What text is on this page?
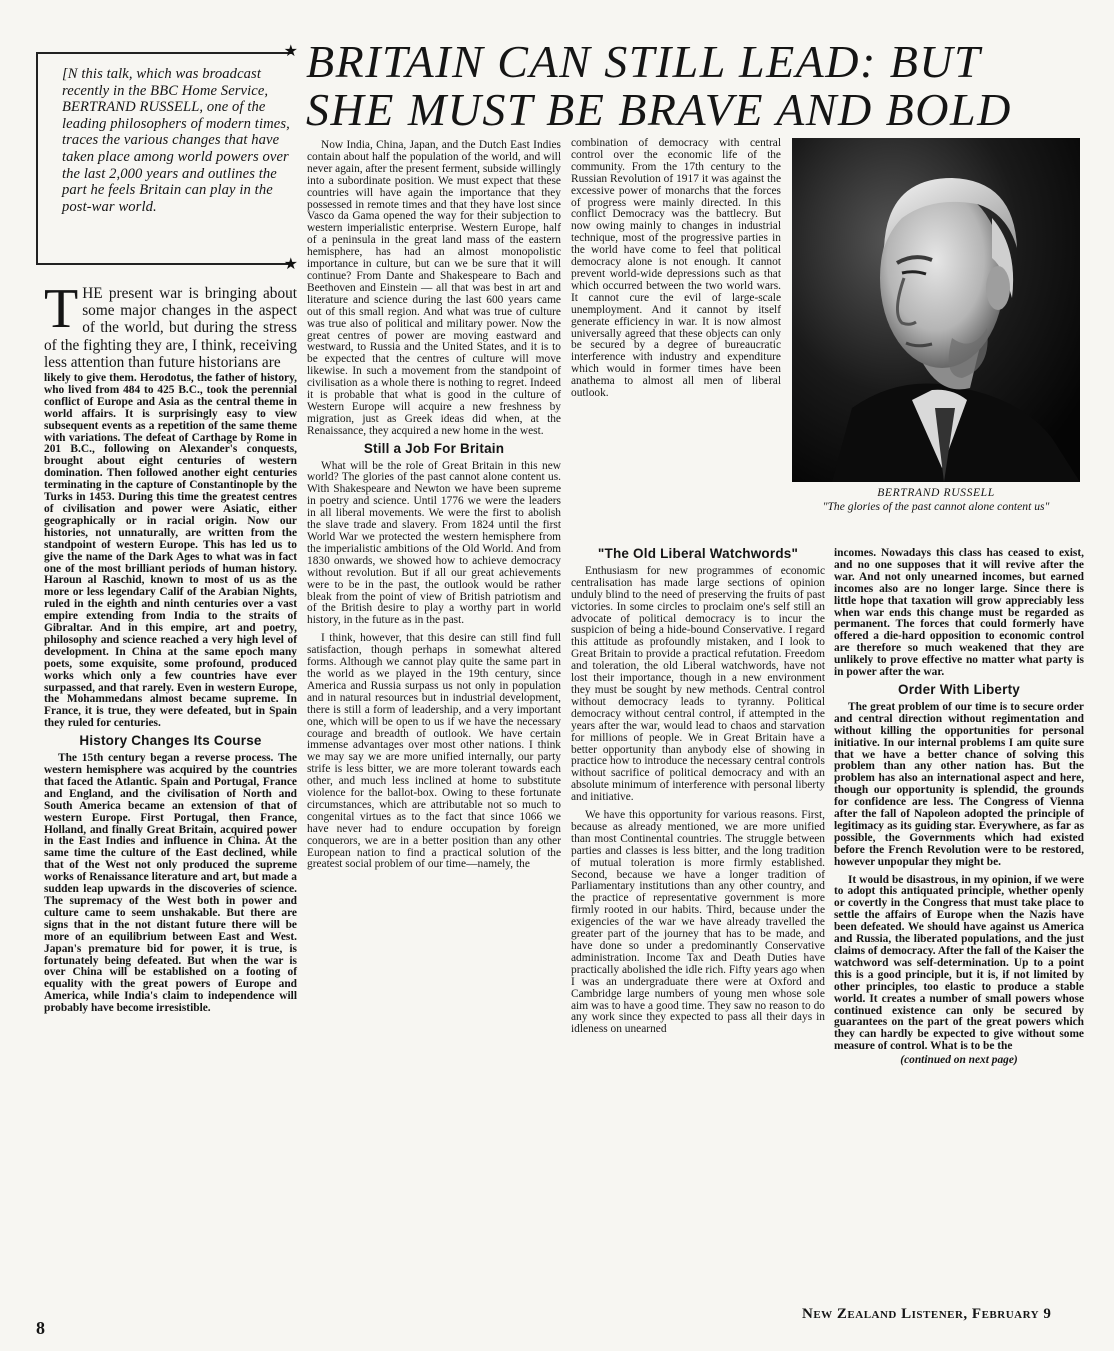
★
★
[N this talk, which was broadcast recently in the BBC Home Service, BERTRAND RUSSELL, one of the leading philosophers of modern times, traces the various changes that have taken place among world powers over the last 2,000 years and outlines the part he feels Britain can play in the post-war world.
BRITAIN CAN STILL LEAD: BUT
SHE MUST BE BRAVE AND BOLD

THE present war is bringing about some major changes in the aspect of the world, but during the stress of the fighting they are, I think, receiving less attention than future historians are

likely to give them. Herodotus, the father of history, who lived from 484 to 425 B.C., took the perennial conflict of Europe and Asia as the central theme in world affairs. It is surprisingly easy to view subsequent events as a repetition of the same theme with variations. The defeat of Carthage by Rome in 201 B.C., following on Alexander's conquests, brought about eight centuries of western domination. Then followed another eight centuries terminating in the capture of Constantinople by the Turks in 1453. During this time the greatest centres of civilisation and power were Asiatic, either geographically or in racial origin. Now our histories, not unnaturally, are written from the standpoint of western Europe. This has led us to give the name of the Dark Ages to what was in fact one of the most brilliant periods of human history. Haroun al Raschid, known to most of us as the more or less legendary Calif of the Arabian Nights, ruled in the eighth and ninth centuries over a vast empire extending from India to the straits of Gibraltar. And in this empire, art and poetry, philosophy and science reached a very high level of development. In China at the same epoch many poets, some exquisite, some profound, produced works which only a few countries have ever surpassed, and that rarely. Even in western Europe, the Mohammedans almost became supreme. In France, it is true, they were defeated, but in Spain they ruled for centuries.

History Changes Its Course

The 15th century began a reverse process. The western hemisphere was acquired by the countries that faced the Atlantic. Spain and Portugal, France and England, and the civilisation of North and South America became an extension of that of western Europe. First Portugal, then France, Holland, and finally Great Britain, acquired power in the East Indies and influence in China. At the same time the culture of the East declined, while that of the West not only produced the supreme works of Renaissance literature and art, but made a sudden leap upwards in the discoveries of science. The supremacy of the West both in power and culture came to seem unshakable. But there are signs that in the not distant future there will be more of an equilibrium between East and West. Japan's premature bid for power, it is true, is fortunately being defeated. But when the war is over China will be established on a footing of equality with the great powers of Europe and America, while India's claim to independence will probably have become irresistible.

Now India, China, Japan, and the Dutch East Indies contain about half the population of the world, and will never again, after the present ferment, subside willingly into a subordinate position. We must expect that these countries will have again the importance that they possessed in remote times and that they have lost since Vasco da Gama opened the way for their subjection to western imperialistic enterprise. Western Europe, half of a peninsula in the great land mass of the eastern hemisphere, has had an almost monopolistic importance in culture, but can we be sure that it will continue? From Dante and Shakespeare to Bach and Beethoven and Einstein — all that was best in art and literature and science during the last 600 years came out of this small region. And what was true of culture was true also of political and military power. Now the great centres of power are moving eastward and westward, to Russia and the United States, and it is to be expected that the centres of culture will move likewise. In such a movement from the standpoint of civilisation as a whole there is nothing to regret. Indeed it is probable that what is good in the culture of Western Europe will acquire a new freshness by migration, just as Greek ideas did when, at the Renaissance, they acquired a new home in the west.

Still a Job For Britain

What will be the role of Great Britain in this new world? The glories of the past cannot alone content us. With Shakespeare and Newton we have been supreme in poetry and science. Until 1776 we were the leaders in all liberal movements. We were the first to abolish the slave trade and slavery. From 1824 until the first World War we protected the western hemisphere from the imperialistic ambitions of the Old World. And from 1830 onwards, we showed how to achieve democracy without revolution. But if all our great achievements were to be in the past, the outlook would be rather bleak from the point of view of British patriotism and of the British desire to play a worthy part in world history, in the future as in the past.

I think, however, that this desire can still find full satisfaction, though perhaps in somewhat altered forms. Although we cannot play quite the same part in the world as we played in the 19th century, since America and Russia surpass us not only in population and in natural resources but in industrial development, there is still a form of leadership, and a very important one, which will be open to us if we have the necessary courage and breadth of outlook. We have certain immense advantages over most other nations. I think we may say we are more unified internally, our party strife is less bitter, we are more tolerant towards each other, and much less inclined at home to substitute violence for the ballot-box. Owing to these fortunate circumstances, which are attributable not so much to congenital virtues as to the fact that since 1066 we have never had to endure occupation by foreign conquerors, we are in a better position than any other European nation to find a practical solution of the greatest social problem of our time—namely, the

combination of democracy with central control over the economic life of the community. From the 17th century to the Russian Revolution of 1917 it was against the excessive power of monarchs that the forces of progress were mainly directed. In this conflict Democracy was the battlecry. But now owing mainly to changes in industrial technique, most of the progressive parties in the world have come to feel that political democracy alone is not enough. It cannot prevent world-wide depressions such as that which occurred between the two world wars. It cannot cure the evil of large-scale unemployment. And it cannot by itself generate efficiency in war. It is now almost universally agreed that these objects can only be secured by a degree of bureaucratic interference with industry and expenditure which would in former times have been anathema to almost all men of liberal outlook.

"The Old Liberal Watchwords"

Enthusiasm for new programmes of economic centralisation has made large sections of opinion unduly blind to the need of preserving the fruits of past victories. In some circles to proclaim one's self still an advocate of political democracy is to incur the suspicion of being a hide-bound Conservative. I regard this attitude as profoundly mistaken, and I look to Great Britain to provide a practical refutation. Freedom and toleration, the old Liberal watchwords, have not lost their importance, though in a new environment they must be sought by new methods. Central control without democracy leads to tyranny. Political democracy without central control, if attempted in the years after the war, would lead to chaos and starvation for millions of people. We in Great Britain have a better opportunity than anybody else of showing in practice how to introduce the necessary central controls without sacrifice of political democracy and with an absolute minimum of interference with personal liberty and initiative.

We have this opportunity for various reasons. First, because as already mentioned, we are more unified than most Continental countries. The struggle between parties and classes is less bitter, and the long tradition of mutual toleration is more firmly established. Second, because we have a longer tradition of Parliamentary institutions than any other country, and the practice of representative government is more firmly rooted in our habits. Third, because under the exigencies of the war we have already travelled the greater part of the journey that has to be made, and have done so under a predominantly Conservative administration. Income Tax and Death Duties have practically abolished the idle rich. Fifty years ago when I was an undergraduate there were at Oxford and Cambridge large numbers of young men whose sole aim was to have a good time. They saw no reason to do any work since they expected to pass all their days in idleness on unearned

BERTRAND RUSSELL
"The glories of the past cannot alone content us"

incomes. Nowadays this class has ceased to exist, and no one supposes that it will revive after the war. And not only unearned incomes, but earned incomes also are no longer large. Since there is little hope that taxation will grow appreciably less when war ends this change must be regarded as permanent. The forces that could formerly have offered a die-hard opposition to economic control are therefore so much weakened that they are unlikely to prove effective no matter what party is in power after the war.

Order With Liberty

The great problem of our time is to secure order and central direction without regimentation and without killing the opportunities for personal initiative. In our internal problems I am quite sure that we have a better chance of solving this problem than any other nation has. But the problem has also an international aspect and here, though our opportunity is splendid, the grounds for confidence are less. The Congress of Vienna after the fall of Napoleon adopted the principle of legitimacy as its guiding star. Everywhere, as far as possible, the Governments which had existed before the French Revolution were to be restored, however unpopular they might be.

It would be disastrous, in my opinion, if we were to adopt this antiquated principle, whether openly or covertly in the Congress that must take place to settle the affairs of Europe when the Nazis have been defeated. We should have against us America and Russia, the liberated populations, and the just claims of democracy. After the fall of the Kaiser the watchword was self-determination. Up to a point this is a good principle, but it is, if not limited by other principles, too elastic to produce a stable world. It creates a number of small powers whose continued existence can only be secured by guarantees on the part of the great powers which they can hardly be expected to give without some measure of control. What is to be the

(continued on next page)

8
New Zealand Listener, February 9
